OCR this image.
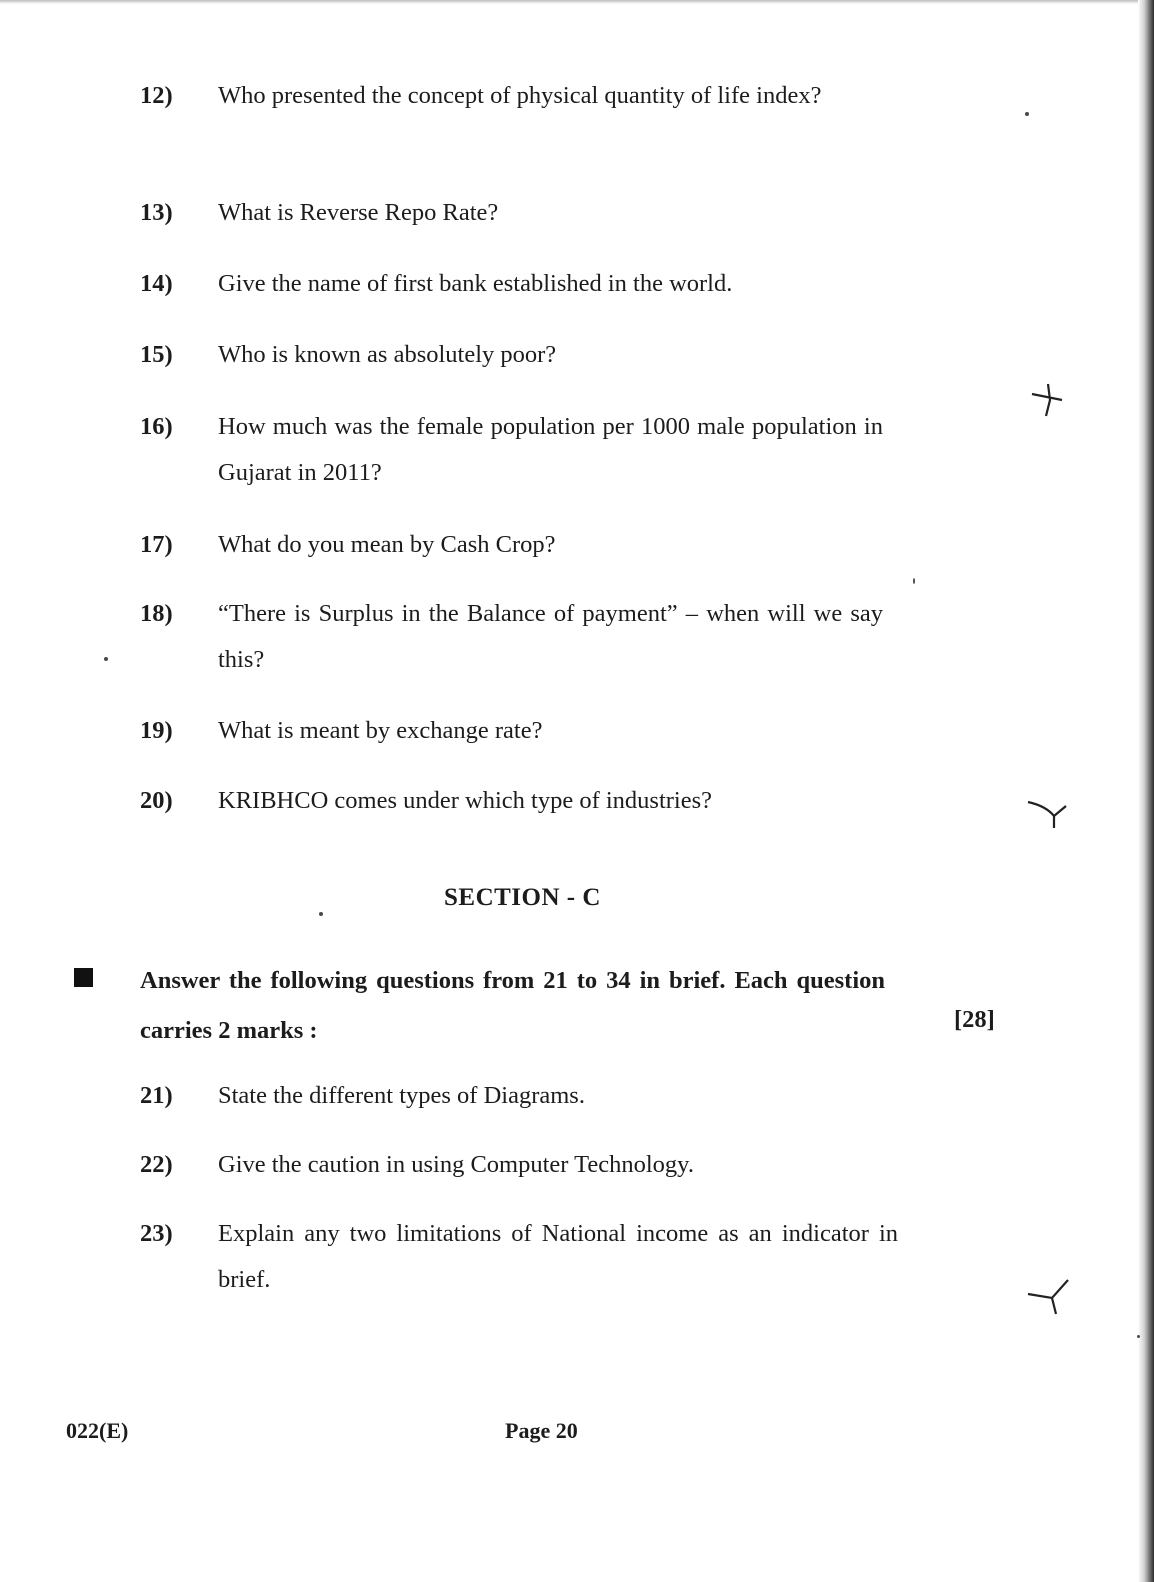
12) Who presented the concept of physical quantity of life index?
13) What is Reverse Repo Rate?
14) Give the name of first bank established in the world.
15) Who is known as absolutely poor?
16) How much was the female population per 1000 male population in Gujarat in 2011?
17) What do you mean by Cash Crop?
18) “There is Surplus in the Balance of payment” – when will we say this?
19) What is meant by exchange rate?
20) KRIBHCO comes under which type of industries?
SECTION - C
Answer the following questions from 21 to 34 in brief. Each question carries 2 marks :	[28]
21) State the different types of Diagrams.
22) Give the caution in using Computer Technology.
23) Explain any two limitations of National income as an indicator in brief.
022(E)	Page 20
